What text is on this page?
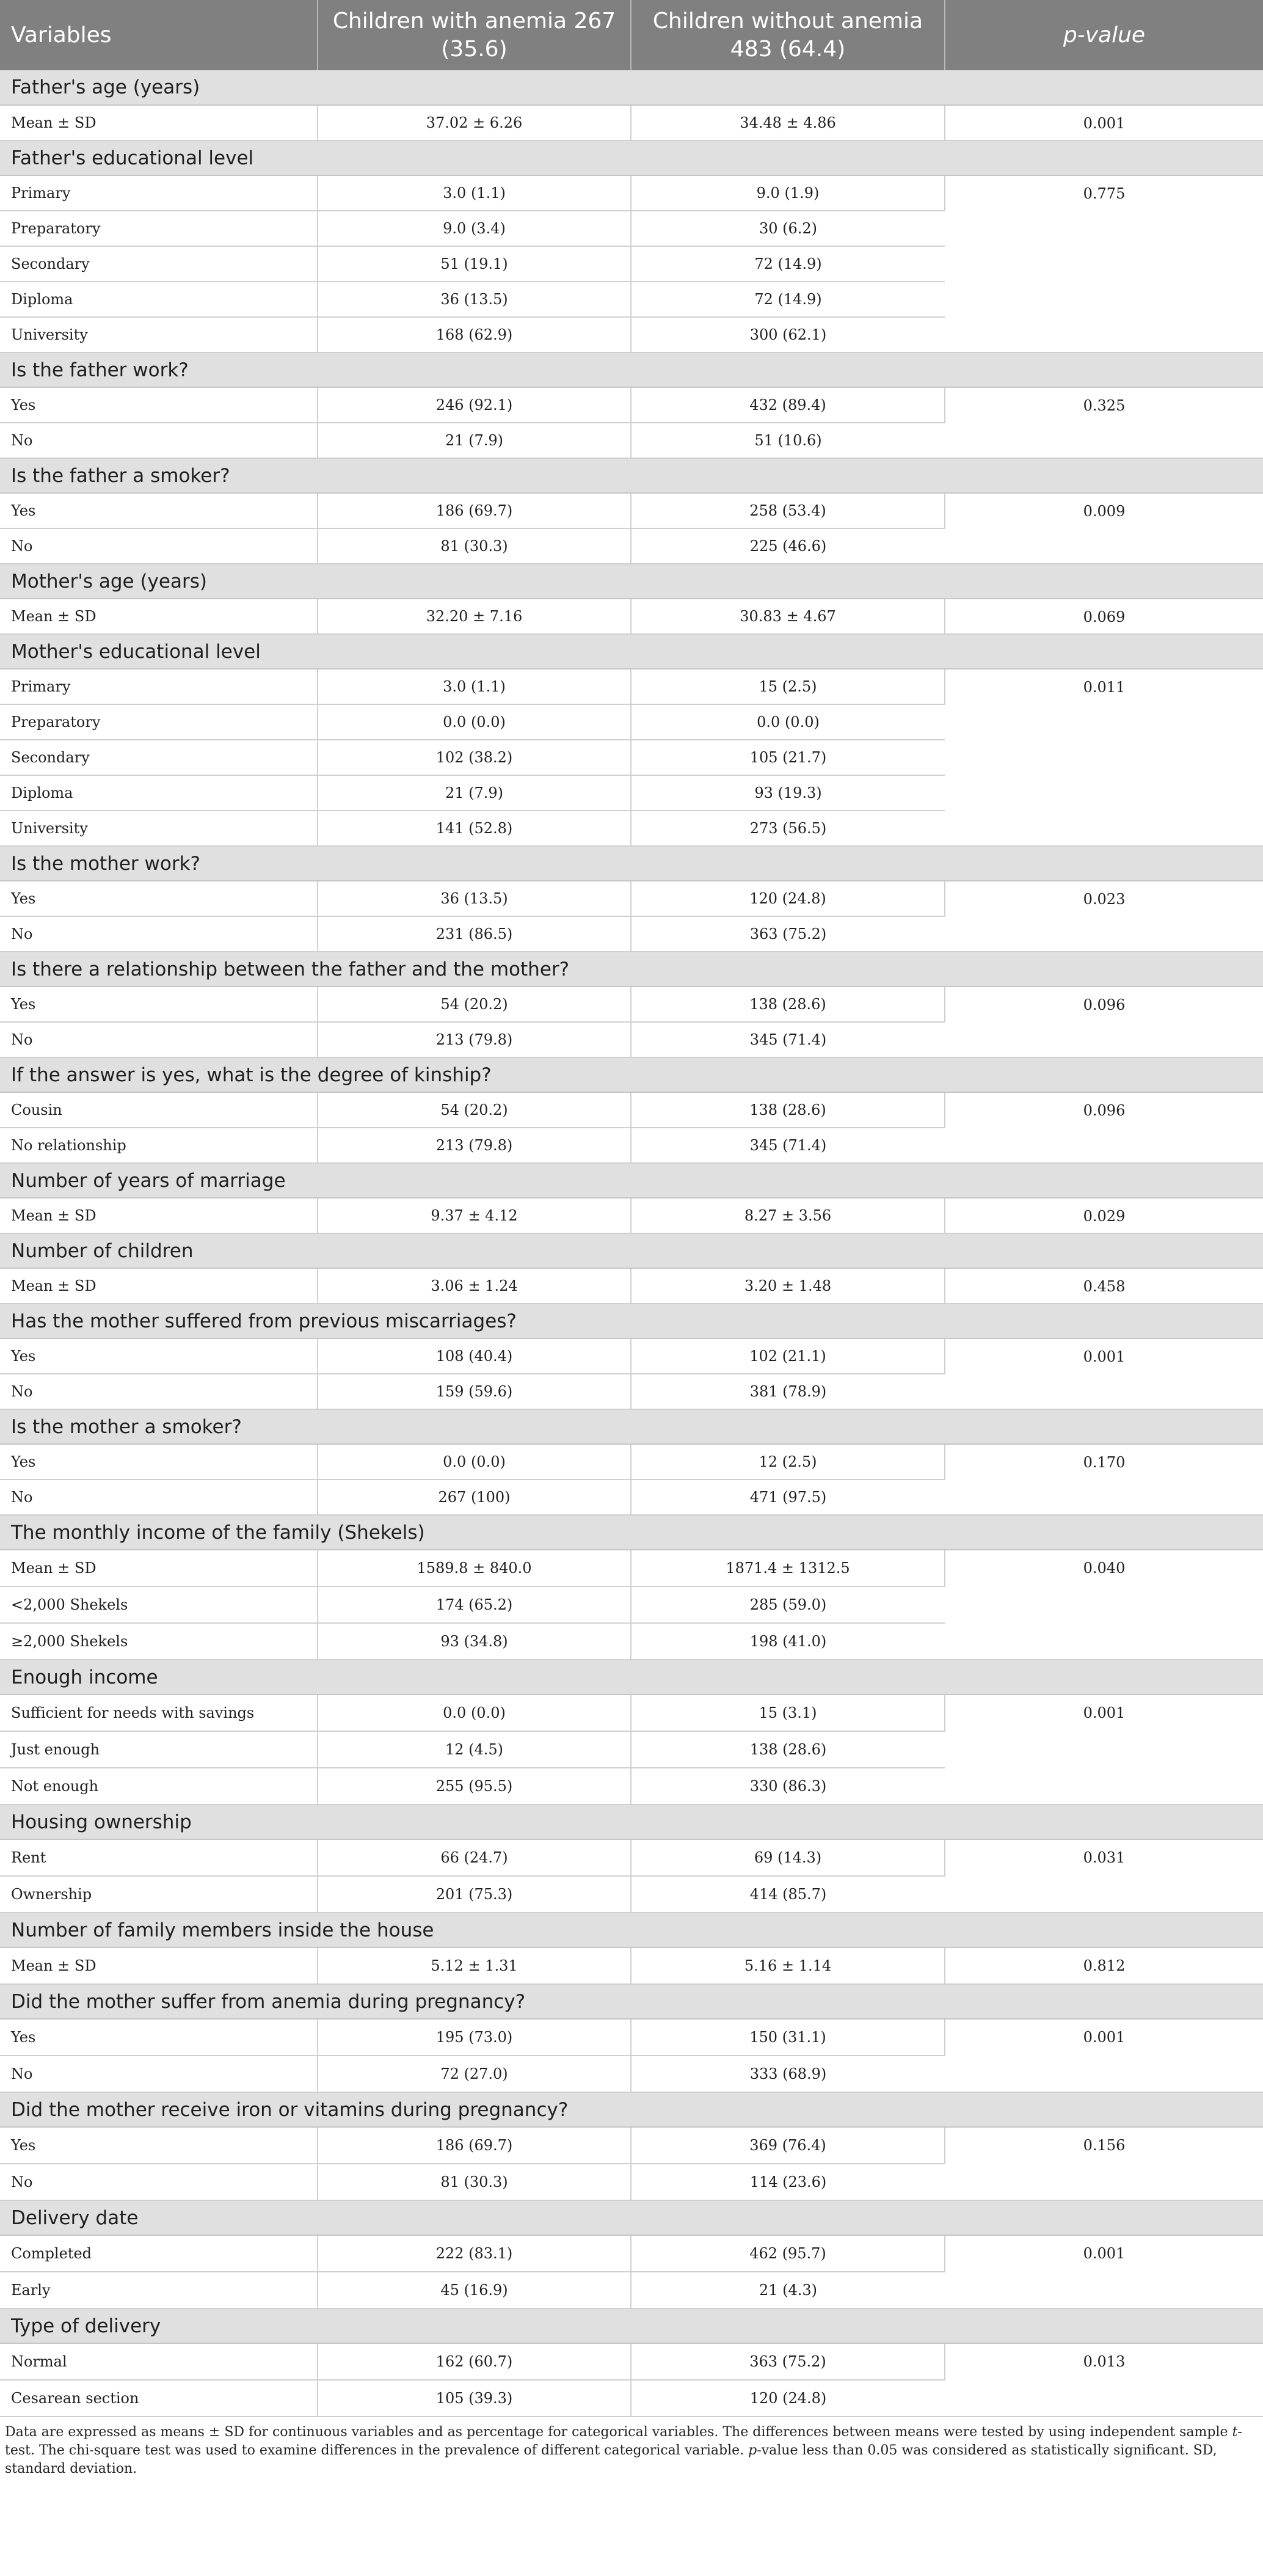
Variables	Children with anemia 267 (35.6)	Children without anemia 483 (64.4)	p-value
Father's age (years)			
Mean ± SD	37.02 ± 6.26	34.48 ± 4.86	0.001
Father's educational level			
Primary	3.0 (1.1)	9.0 (1.9)	0.775
Preparatory	9.0 (3.4)	30 (6.2)	
Secondary	51 (19.1)	72 (14.9)	
Diploma	36 (13.5)	72 (14.9)	
University	168 (62.9)	300 (62.1)	
Is the father work?			
Yes	246 (92.1)	432 (89.4)	0.325
No	21 (7.9)	51 (10.6)	
Is the father a smoker?			
Yes	186 (69.7)	258 (53.4)	0.009
No	81 (30.3)	225 (46.6)	
Mother's age (years)			
Mean ± SD	32.20 ± 7.16	30.83 ± 4.67	0.069
Mother's educational level			
Primary	3.0 (1.1)	15 (2.5)	0.011
Preparatory	0.0 (0.0)	0.0 (0.0)	
Secondary	102 (38.2)	105 (21.7)	
Diploma	21 (7.9)	93 (19.3)	
University	141 (52.8)	273 (56.5)	
Is the mother work?			
Yes	36 (13.5)	120 (24.8)	0.023
No	231 (86.5)	363 (75.2)	
Is there a relationship between the father and the mother?			
Yes	54 (20.2)	138 (28.6)	0.096
No	213 (79.8)	345 (71.4)	
If the answer is yes, what is the degree of kinship?			
Cousin	54 (20.2)	138 (28.6)	0.096
No relationship	213 (79.8)	345 (71.4)	
Number of years of marriage			
Mean ± SD	9.37 ± 4.12	8.27 ± 3.56	0.029
Number of children			
Mean ± SD	3.06 ± 1.24	3.20 ± 1.48	0.458
Has the mother suffered from previous miscarriages?			
Yes	108 (40.4)	102 (21.1)	0.001
No	159 (59.6)	381 (78.9)	
Is the mother a smoker?			
Yes	0.0 (0.0)	12 (2.5)	0.170
No	267 (100)	471 (97.5)	
The monthly income of the family (Shekels)			
Mean ± SD	1589.8 ± 840.0	1871.4 ± 1312.5	0.040
<2,000 Shekels	174 (65.2)	285 (59.0)	
≥2,000 Shekels	93 (34.8)	198 (41.0)	
Enough income			
Sufficient for needs with savings	0.0 (0.0)	15 (3.1)	0.001
Just enough	12 (4.5)	138 (28.6)	
Not enough	255 (95.5)	330 (86.3)	
Housing ownership			
Rent	66 (24.7)	69 (14.3)	0.031
Ownership	201 (75.3)	414 (85.7)	
Number of family members inside the house			
Mean ± SD	5.12 ± 1.31	5.16 ± 1.14	0.812
Did the mother suffer from anemia during pregnancy?			
Yes	195 (73.0)	150 (31.1)	0.001
No	72 (27.0)	333 (68.9)	
Did the mother receive iron or vitamins during pregnancy?			
Yes	186 (69.7)	369 (76.4)	0.156
No	81 (30.3)	114 (23.6)	
Delivery date			
Completed	222 (83.1)	462 (95.7)	0.001
Early	45 (16.9)	21 (4.3)	
Type of delivery			
Normal	162 (60.7)	363 (75.2)	0.013
Cesarean section	105 (39.3)	120 (24.8)	
Data are expressed as means ± SD for continuous variables and as percentage for categorical variables. The differences between means were tested by using independent sample t-test. The chi-square test was used to examine differences in the prevalence of different categorical variable. p-value less than 0.05 was considered as statistically significant. SD, standard deviation.
